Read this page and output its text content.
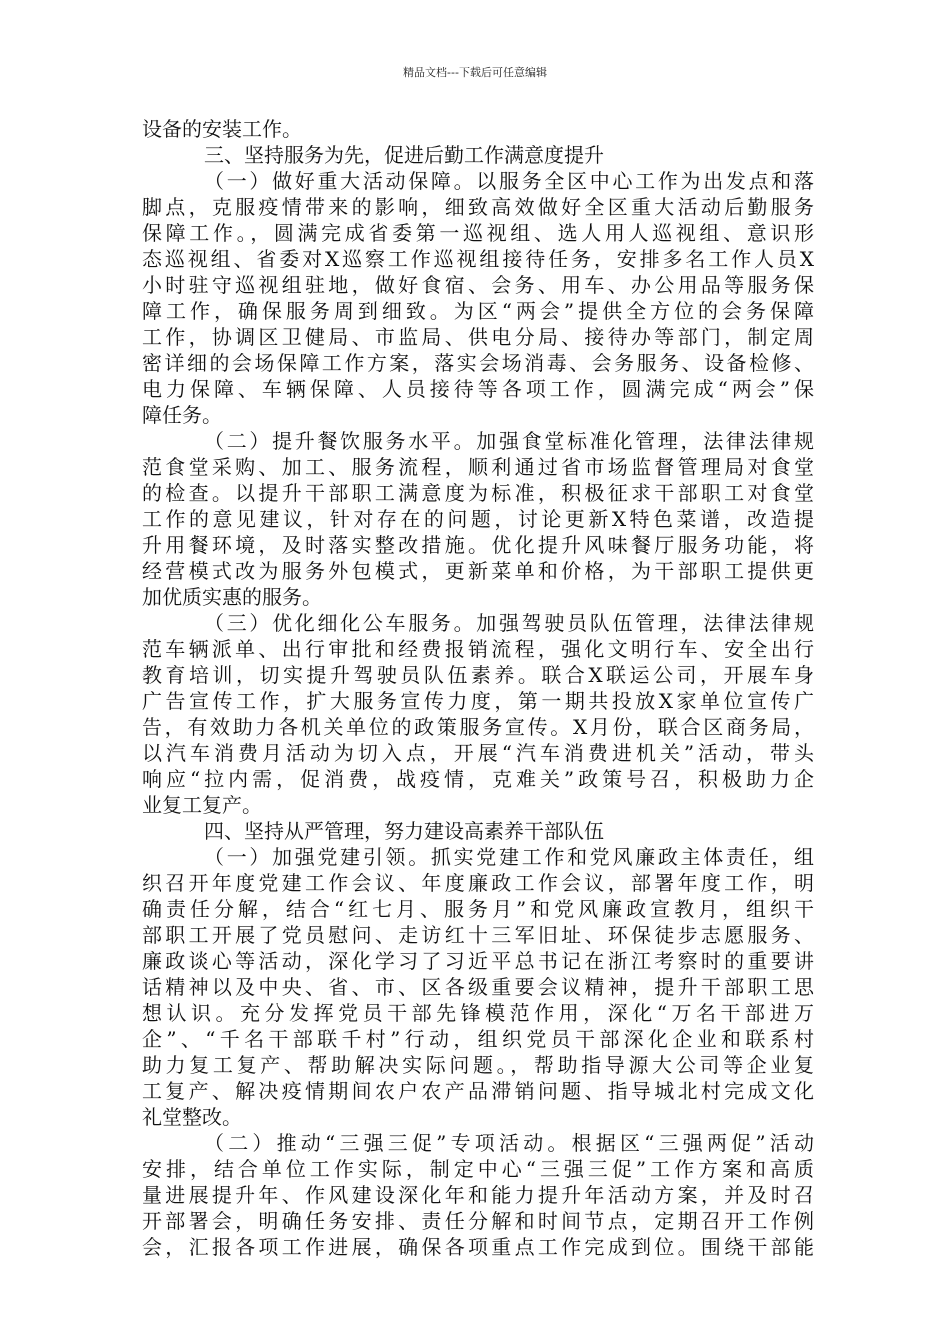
精品文档---下载后可任意编辑
设备的安装工作。
三、坚持服务为先，促进后勤工作满意度提升
（一）做好重大活动保障。以服务全区中心工作为出发点和落
脚点，克服疫情带来的影响，细致高效做好全区重大活动后勤服务
保障工作。，圆满完成省委第一巡视组、选人用人巡视组、意识形
态巡视组、省委对X巡察工作巡视组接待任务，安排多名工作人员X
小时驻守巡视组驻地，做好食宿、会务、用车、办公用品等服务保
障工作，确保服务周到细致。为区“两会”提供全方位的会务保障
工作，协调区卫健局、市监局、供电分局、接待办等部门，制定周
密详细的会场保障工作方案，落实会场消毒、会务服务、设备检修、
电力保障、车辆保障、人员接待等各项工作，圆满完成“两会”保
障任务。
（二）提升餐饮服务水平。加强食堂标准化管理，法律法律规
范食堂采购、加工、服务流程，顺利通过省市场监督管理局对食堂
的检查。以提升干部职工满意度为标准，积极征求干部职工对食堂
工作的意见建议，针对存在的问题，讨论更新X特色菜谱，改造提
升用餐环境，及时落实整改措施。优化提升风味餐厅服务功能，将
经营模式改为服务外包模式，更新菜单和价格，为干部职工提供更
加优质实惠的服务。
（三）优化细化公车服务。加强驾驶员队伍管理，法律法律规
范车辆派单、出行审批和经费报销流程，强化文明行车、安全出行
教育培训，切实提升驾驶员队伍素养。联合X联运公司，开展车身
广告宣传工作，扩大服务宣传力度，第一期共投放X家单位宣传广
告，有效助力各机关单位的政策服务宣传。X月份，联合区商务局，
以汽车消费月活动为切入点，开展“汽车消费进机关”活动，带头
响应“拉内需，促消费，战疫情，克难关”政策号召，积极助力企
业复工复产。
四、坚持从严管理，努力建设高素养干部队伍
（一）加强党建引领。抓实党建工作和党风廉政主体责任，组
织召开年度党建工作会议、年度廉政工作会议，部署年度工作，明
确责任分解，结合“红七月、服务月”和党风廉政宣教月，组织干
部职工开展了党员慰问、走访红十三军旧址、环保徒步志愿服务、
廉政谈心等活动，深化学习了习近平总书记在浙江考察时的重要讲
话精神以及中央、省、市、区各级重要会议精神，提升干部职工思
想认识。充分发挥党员干部先锋模范作用，深化“万名干部进万
企”、“千名干部联千村”行动，组织党员干部深化企业和联系村
助力复工复产、帮助解决实际问题。，帮助指导源大公司等企业复
工复产、解决疫情期间农户农产品滞销问题、指导城北村完成文化
礼堂整改。
（二）推动“三强三促”专项活动。根据区“三强两促”活动
安排，结合单位工作实际，制定中心“三强三促”工作方案和高质
量进展提升年、作风建设深化年和能力提升年活动方案，并及时召
开部署会，明确任务安排、责任分解和时间节点，定期召开工作例
会，汇报各项工作进展，确保各项重点工作完成到位。围绕干部能
